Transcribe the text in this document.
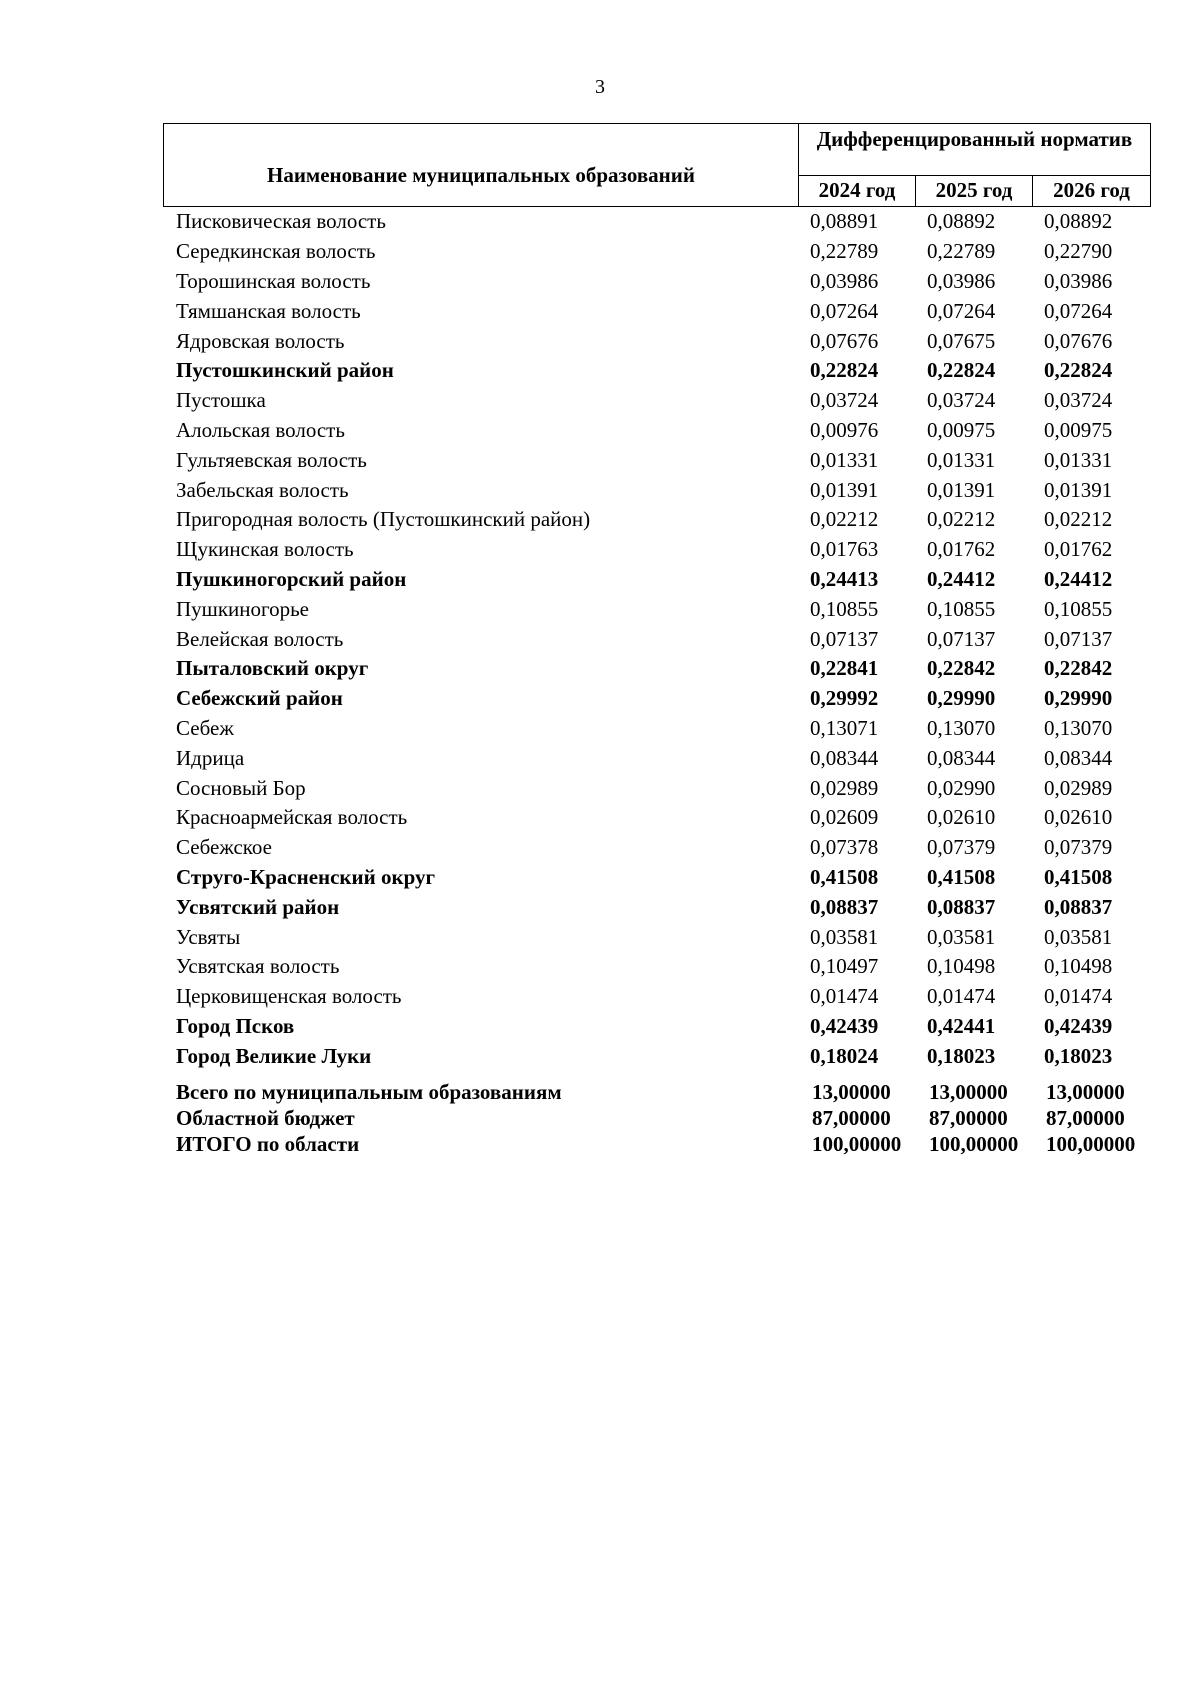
3
Наименование муниципальных образований
Дифференцированный норматив
2024 год	2025 год	2026 год
Писковическая волость	0,08891	0,08892	0,08892
Середкинская волость	0,22789	0,22789	0,22790
Торошинская волость	0,03986	0,03986	0,03986
Тямшанская волость	0,07264	0,07264	0,07264
Ядровская волость	0,07676	0,07675	0,07676
Пустошкинский район	0,22824	0,22824	0,22824
Пустошка	0,03724	0,03724	0,03724
Алольская волость	0,00976	0,00975	0,00975
Гультяевская волость	0,01331	0,01331	0,01331
Забельская волость	0,01391	0,01391	0,01391
Пригородная волость (Пустошкинский район)	0,02212	0,02212	0,02212
Щукинская волость	0,01763	0,01762	0,01762
Пушкиногорский район	0,24413	0,24412	0,24412
Пушкиногорье	0,10855	0,10855	0,10855
Велейская волость	0,07137	0,07137	0,07137
Пыталовский округ	0,22841	0,22842	0,22842
Себежский район	0,29992	0,29990	0,29990
Себеж	0,13071	0,13070	0,13070
Идрица	0,08344	0,08344	0,08344
Сосновый Бор	0,02989	0,02990	0,02989
Красноармейская волость	0,02609	0,02610	0,02610
Себежское	0,07378	0,07379	0,07379
Струго-Красненский округ	0,41508	0,41508	0,41508
Усвятский район	0,08837	0,08837	0,08837
Усвяты	0,03581	0,03581	0,03581
Усвятская волость	0,10497	0,10498	0,10498
Церковищенская волость	0,01474	0,01474	0,01474
Город Псков	0,42439	0,42441	0,42439
Город Великие Луки	0,18024	0,18023	0,18023
Всего по муниципальным образованиям	13,00000	13,00000	13,00000
Областной бюджет	87,00000	87,00000	87,00000
ИТОГО по области	100,00000	100,00000	100,00000
